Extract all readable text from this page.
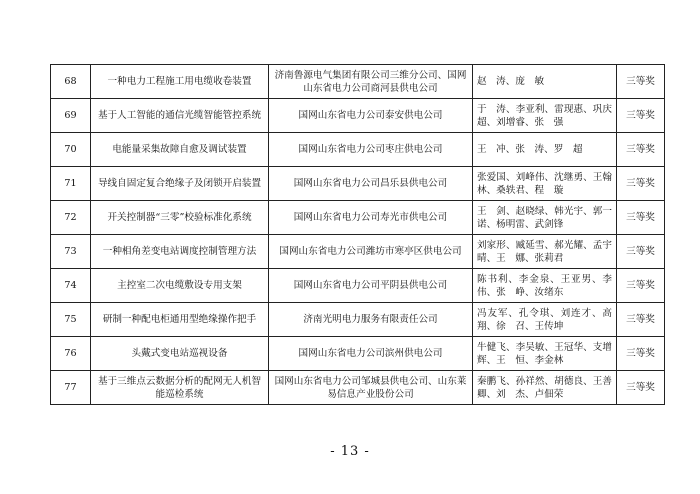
68	一种电力工程施工用电缆收卷装置	济南鲁源电气集团有限公司三维分公司、国网山东省电力公司商河县供电公司	赵　涛、庞　敏	三等奖
69	基于人工智能的通信光缆智能管控系统	国网山东省电力公司泰安供电公司	于　涛、李亚利、雷现惠、巩庆超、刘增睿、张　强	三等奖
70	电能量采集故障自愈及调试装置	国网山东省电力公司枣庄供电公司	王　冲、张　涛、罗　超	三等奖
71	导线自固定复合绝缘子及闭锁开启装置	国网山东省电力公司昌乐县供电公司	张爱国、刘峰伟、沈继勇、王翰林、桑轶君、程　璇	三等奖
72	开关控制器“三零”校验标准化系统	国网山东省电力公司寿光市供电公司	王　剑、赵晓绿、韩光宇、郭一诺、杨明雷、武剑锋	三等奖
73	一种相角差变电站调度控制管理方法	国网山东省电力公司潍坊市寒亭区供电公司	刘家形、臧延雪、郝光耀、孟宇晴、王　娜、张莉君	三等奖
74	主控室二次电缆敷设专用支架	国网山东省电力公司平阴县供电公司	陈书利、李金泉、王亚男、李　伟、张　峥、汝绪东	三等奖
75	研制一种配电柜通用型绝缘操作把手	济南光明电力服务有限责任公司	冯友军、孔令琪、刘连才、高　翔、徐　召、王传坤	三等奖
76	头戴式变电站巡视设备	国网山东省电力公司滨州供电公司	牛健飞、李吴敏、王冠华、支增辉、王　恒、李金林	三等奖
77	基于三维点云数据分析的配网无人机智能巡检系统	国网山东省电力公司邹城县供电公司、山东莱易信息产业股份公司	秦鹏飞、孙祥然、胡德良、王善卿、刘　杰、卢佃荣	三等奖
- 13 -
